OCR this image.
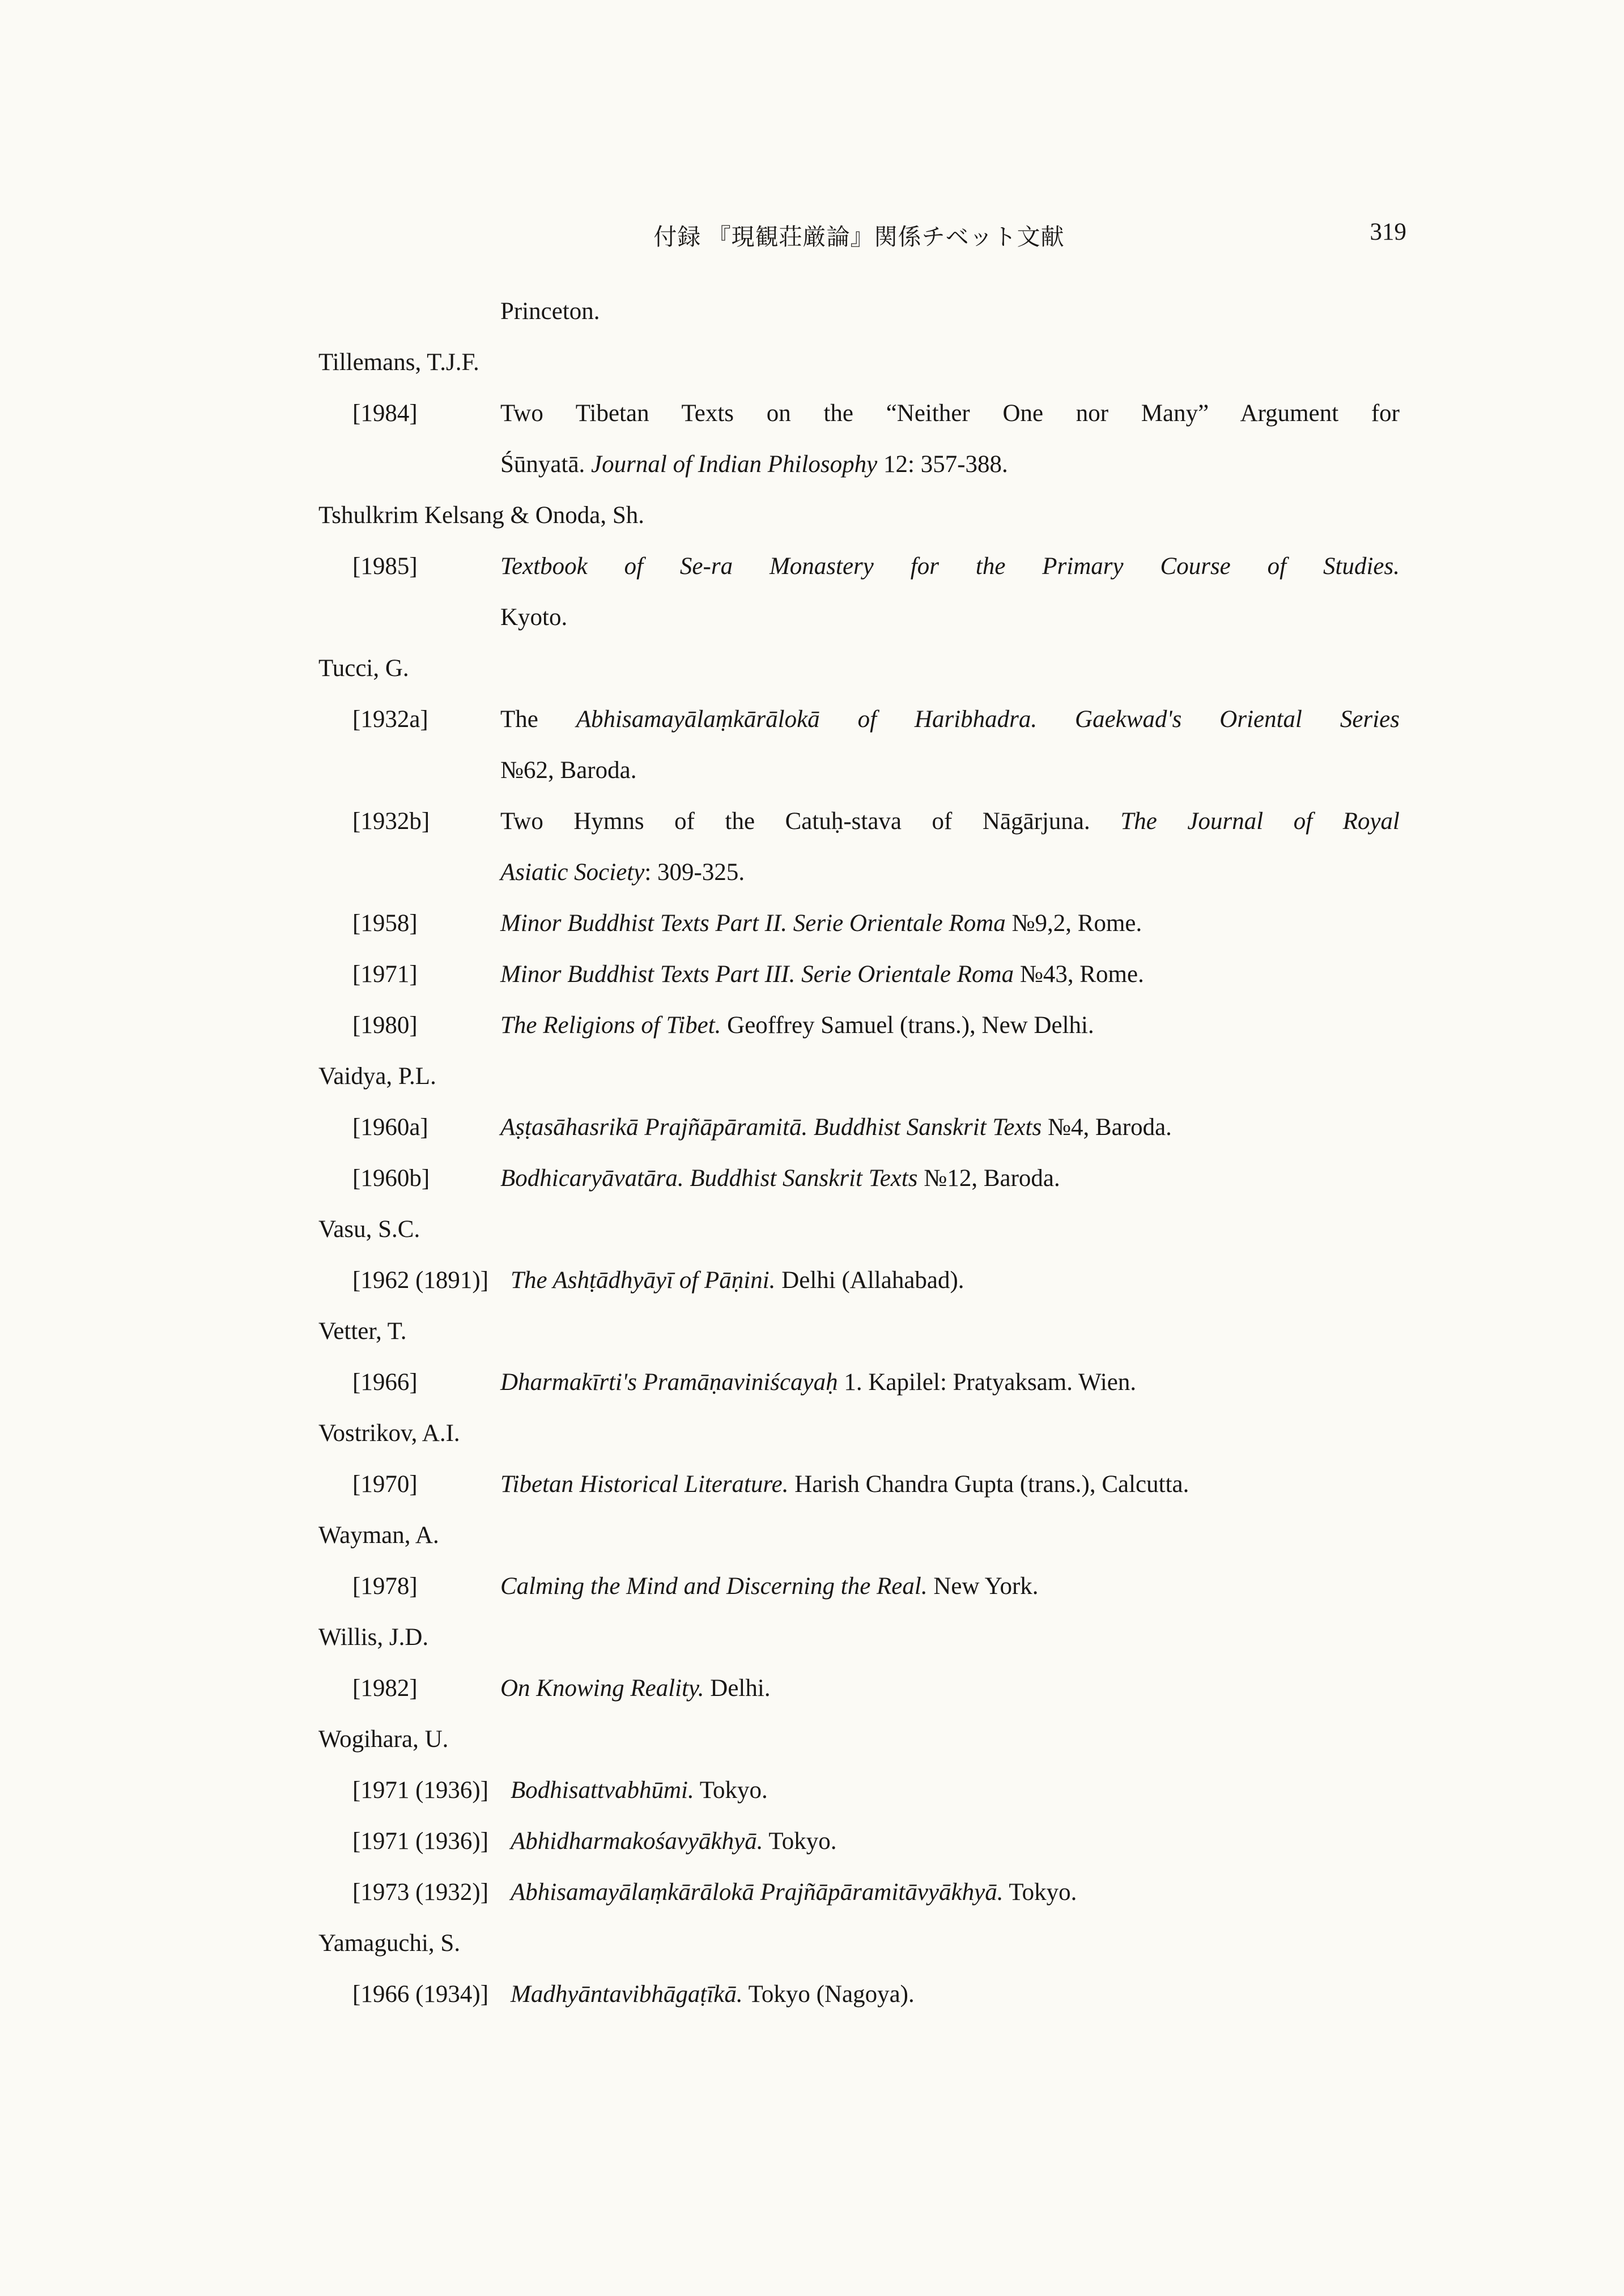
付録 『現観荘厳論』関係チベット文献	319
Princeton.
Tillemans, T.J.F.
[1984]	Two Tibetan Texts on the “Neither One nor Many” Argument for
Śūnyatā. Journal of Indian Philosophy 12: 357-388.
Tshulkrim Kelsang & Onoda, Sh.
[1985]	Textbook of Se-ra Monastery for the Primary Course of Studies.
Kyoto.
Tucci, G.
[1932a]	The Abhisamayālaṃkārālokā of Haribhadra. Gaekwad's Oriental Series
№62, Baroda.
[1932b]	Two Hymns of the Catuḥ-stava of Nāgārjuna. The Journal of Royal
Asiatic Society: 309-325.
[1958]	Minor Buddhist Texts Part II. Serie Orientale Roma №9,2, Rome.
[1971]	Minor Buddhist Texts Part III. Serie Orientale Roma №43, Rome.
[1980]	The Religions of Tibet. Geoffrey Samuel (trans.), New Delhi.
Vaidya, P.L.
[1960a]	Aṣṭasāhasrikā Prajñāpāramitā. Buddhist Sanskrit Texts №4, Baroda.
[1960b]	Bodhicaryāvatāra. Buddhist Sanskrit Texts №12, Baroda.
Vasu, S.C.
[1962 (1891)] The Ashṭādhyāyī of Pāṇini. Delhi (Allahabad).
Vetter, T.
[1966]	Dharmakīrti's Pramāṇaviniścayaḥ 1. Kapilel: Pratyaksam. Wien.
Vostrikov, A.I.
[1970]	Tibetan Historical Literature. Harish Chandra Gupta (trans.), Calcutta.
Wayman, A.
[1978]	Calming the Mind and Discerning the Real. New York.
Willis, J.D.
[1982]	On Knowing Reality. Delhi.
Wogihara, U.
[1971 (1936)] Bodhisattvabhūmi. Tokyo.
[1971 (1936)] Abhidharmakośavyākhyā. Tokyo.
[1973 (1932)] Abhisamayālaṃkārālokā Prajñāpāramitāvyākhyā. Tokyo.
Yamaguchi, S.
[1966 (1934)] Madhyāntavibhāgaṭīkā. Tokyo (Nagoya).
